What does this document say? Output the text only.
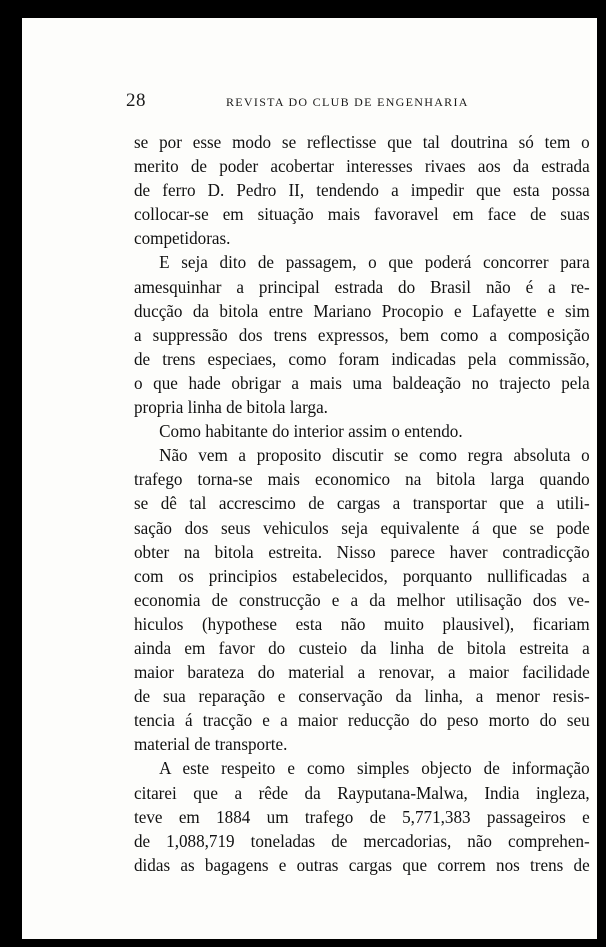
28	REVISTA DO CLUB DE ENGENHARIA
se por esse modo se reflectisse que tal doutrina só tem o
merito de poder acobertar interesses rivaes aos da estrada
de ferro D. Pedro II, tendendo a impedir que esta possa
collocar-se em situação mais favoravel em face de suas
competidoras.
E seja dito de passagem, o que poderá concorrer para
amesquinhar a principal estrada do Brasil não é a re-
ducção da bitola entre Mariano Procopio e Lafayette e sim
a suppressão dos trens expressos, bem como a composição
de trens especiaes, como foram indicadas pela commissão,
o que hade obrigar a mais uma baldeação no trajecto pela
propria linha de bitola larga.
Como habitante do interior assim o entendo.
Não vem a proposito discutir se como regra absoluta o
trafego torna-se mais economico na bitola larga quando
se dê tal accrescimo de cargas a transportar que a utili-
sação dos seus vehiculos seja equivalente á que se pode
obter na bitola estreita. Nisso parece haver contradicção
com os principios estabelecidos, porquanto nullificadas a
economia de construcção e a da melhor utilisação dos ve-
hiculos (hypothese esta não muito plausivel), ficariam
ainda em favor do custeio da linha de bitola estreita a
maior barateza do material a renovar, a maior facilidade
de sua reparação e conservação da linha, a menor resis-
tencia á tracção e a maior reducção do peso morto do seu
material de transporte.
A este respeito e como simples objecto de informação
citarei que a rêde da Rayputana-Malwa, India ingleza,
teve em 1884 um trafego de 5,771,383 passageiros e
de 1,088,719 toneladas de mercadorias, não comprehen-
didas as bagagens e outras cargas que correm nos trens de
